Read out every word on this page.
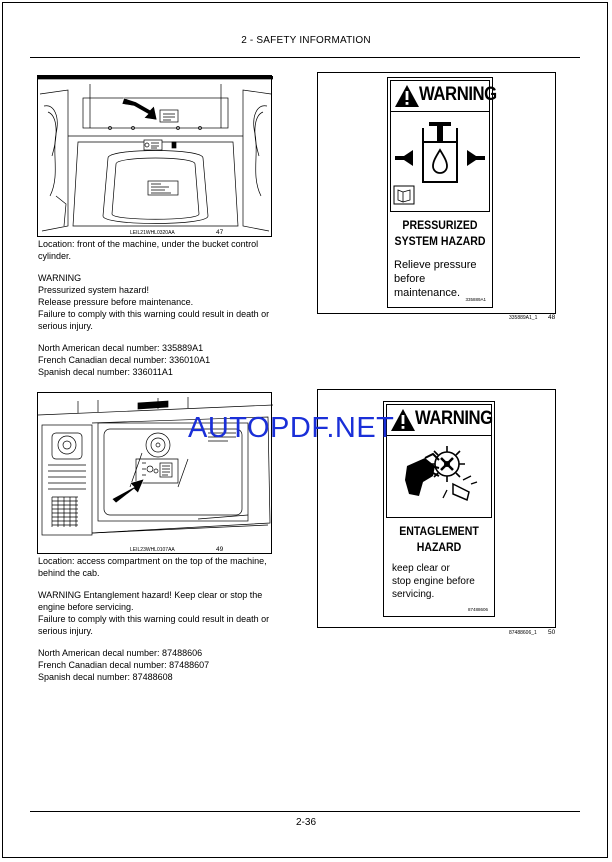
2 - SAFETY INFORMATION
LEIL21WHL0320AA	47

Location: front of the machine, under the bucket control cylinder.

WARNING

Pressurized system hazard!

Release pressure before maintenance.

Failure to comply with this warning could result in death or serious injury.

North American decal number: 335889A1

French Canadian decal number: 336010A1

Spanish decal number: 336011A1

WARNING
PRESSURIZED
SYSTEM HAZARD
Relieve pressure
before maintenance.
335889A1
335889A1_1 48
LEIL23WHL0107AA	49

Location: access compartment on the top of the machine, behind the cab.

WARNING Entanglement hazard! Keep clear or stop the engine before servicing.

Failure to comply with this warning could result in death or serious injury.

North American decal number: 87488606

French Canadian decal number: 87488607

Spanish decal number: 87488608

WARNING
ENTAGLEMENT
HAZARD
keep clear or
stop engine before
servicing.
87488606
87488606_1 50
AUTOPDF.NET
2-36
